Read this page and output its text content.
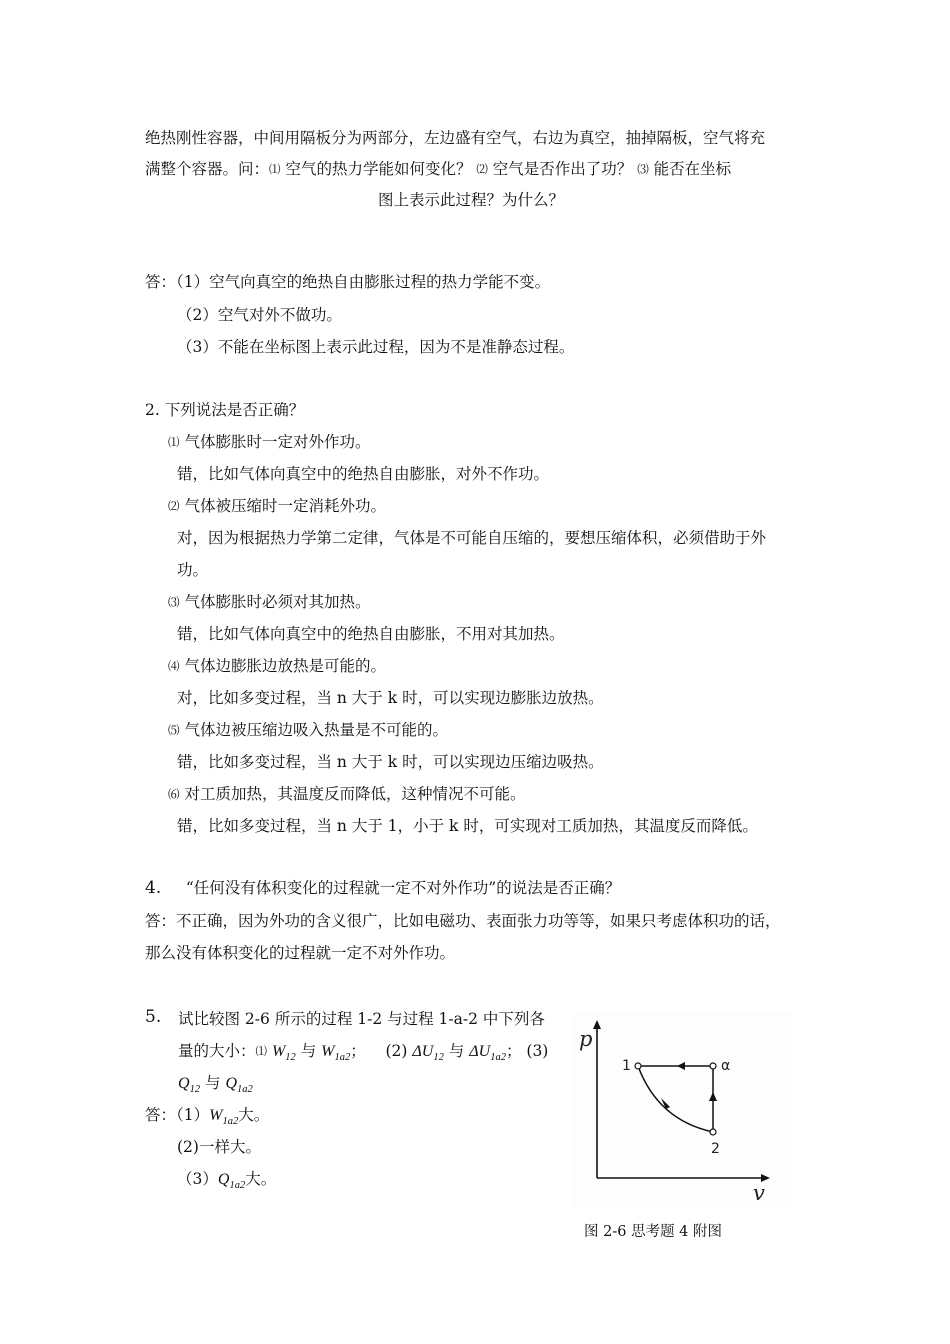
绝热刚性容器，中间用隔板分为两部分，左边盛有空气，右边为真空，抽掉隔板，空气将充
满整个容器。问：⑴ 空气的热力学能如何变化？ ⑵ 空气是否作出了功？ ⑶ 能否在坐标
图上表示此过程？为什么？
答：（1）空气向真空的绝热自由膨胀过程的热力学能不变。
（2）空气对外不做功。
（3）不能在坐标图上表示此过程，因为不是准静态过程。
2. 下列说法是否正确？
⑴ 气体膨胀时一定对外作功。
错，比如气体向真空中的绝热自由膨胀，对外不作功。
⑵ 气体被压缩时一定消耗外功。
对，因为根据热力学第二定律，气体是不可能自压缩的，要想压缩体积，必须借助于外
功。
⑶ 气体膨胀时必须对其加热。
错，比如气体向真空中的绝热自由膨胀，不用对其加热。
⑷ 气体边膨胀边放热是可能的。
对，比如多变过程，当 n 大于 k 时，可以实现边膨胀边放热。
⑸ 气体边被压缩边吸入热量是不可能的。
错，比如多变过程，当 n 大于 k 时，可以实现边压缩边吸热。
⑹ 对工质加热，其温度反而降低，这种情况不可能。
错，比如多变过程，当 n 大于 1，小于 k 时，可实现对工质加热，其温度反而降低。
4. “任何没有体积变化的过程就一定不对外作功”的说法是否正确？
答：不正确，因为外功的含义很广，比如电磁功、表面张力功等等，如果只考虑体积功的话，
那么没有体积变化的过程就一定不对外作功。
5. 试比较图 2-6 所示的过程 1-2 与过程 1-a-2 中下列各
量的大小：⑴ $W_{12}$ 与 $W_{1a2}$； (2) $\Delta U_{12}$ 与 $\Delta U_{1a2}$； (3)
$Q_{12}$ 与 $Q_{1a2}$
答：$(1)W_{1a2}$大。
(2)一样大。
$(3)Q_{1a2}$大。
p
v
1	α
2
图 2-6 思考题 4 附图
